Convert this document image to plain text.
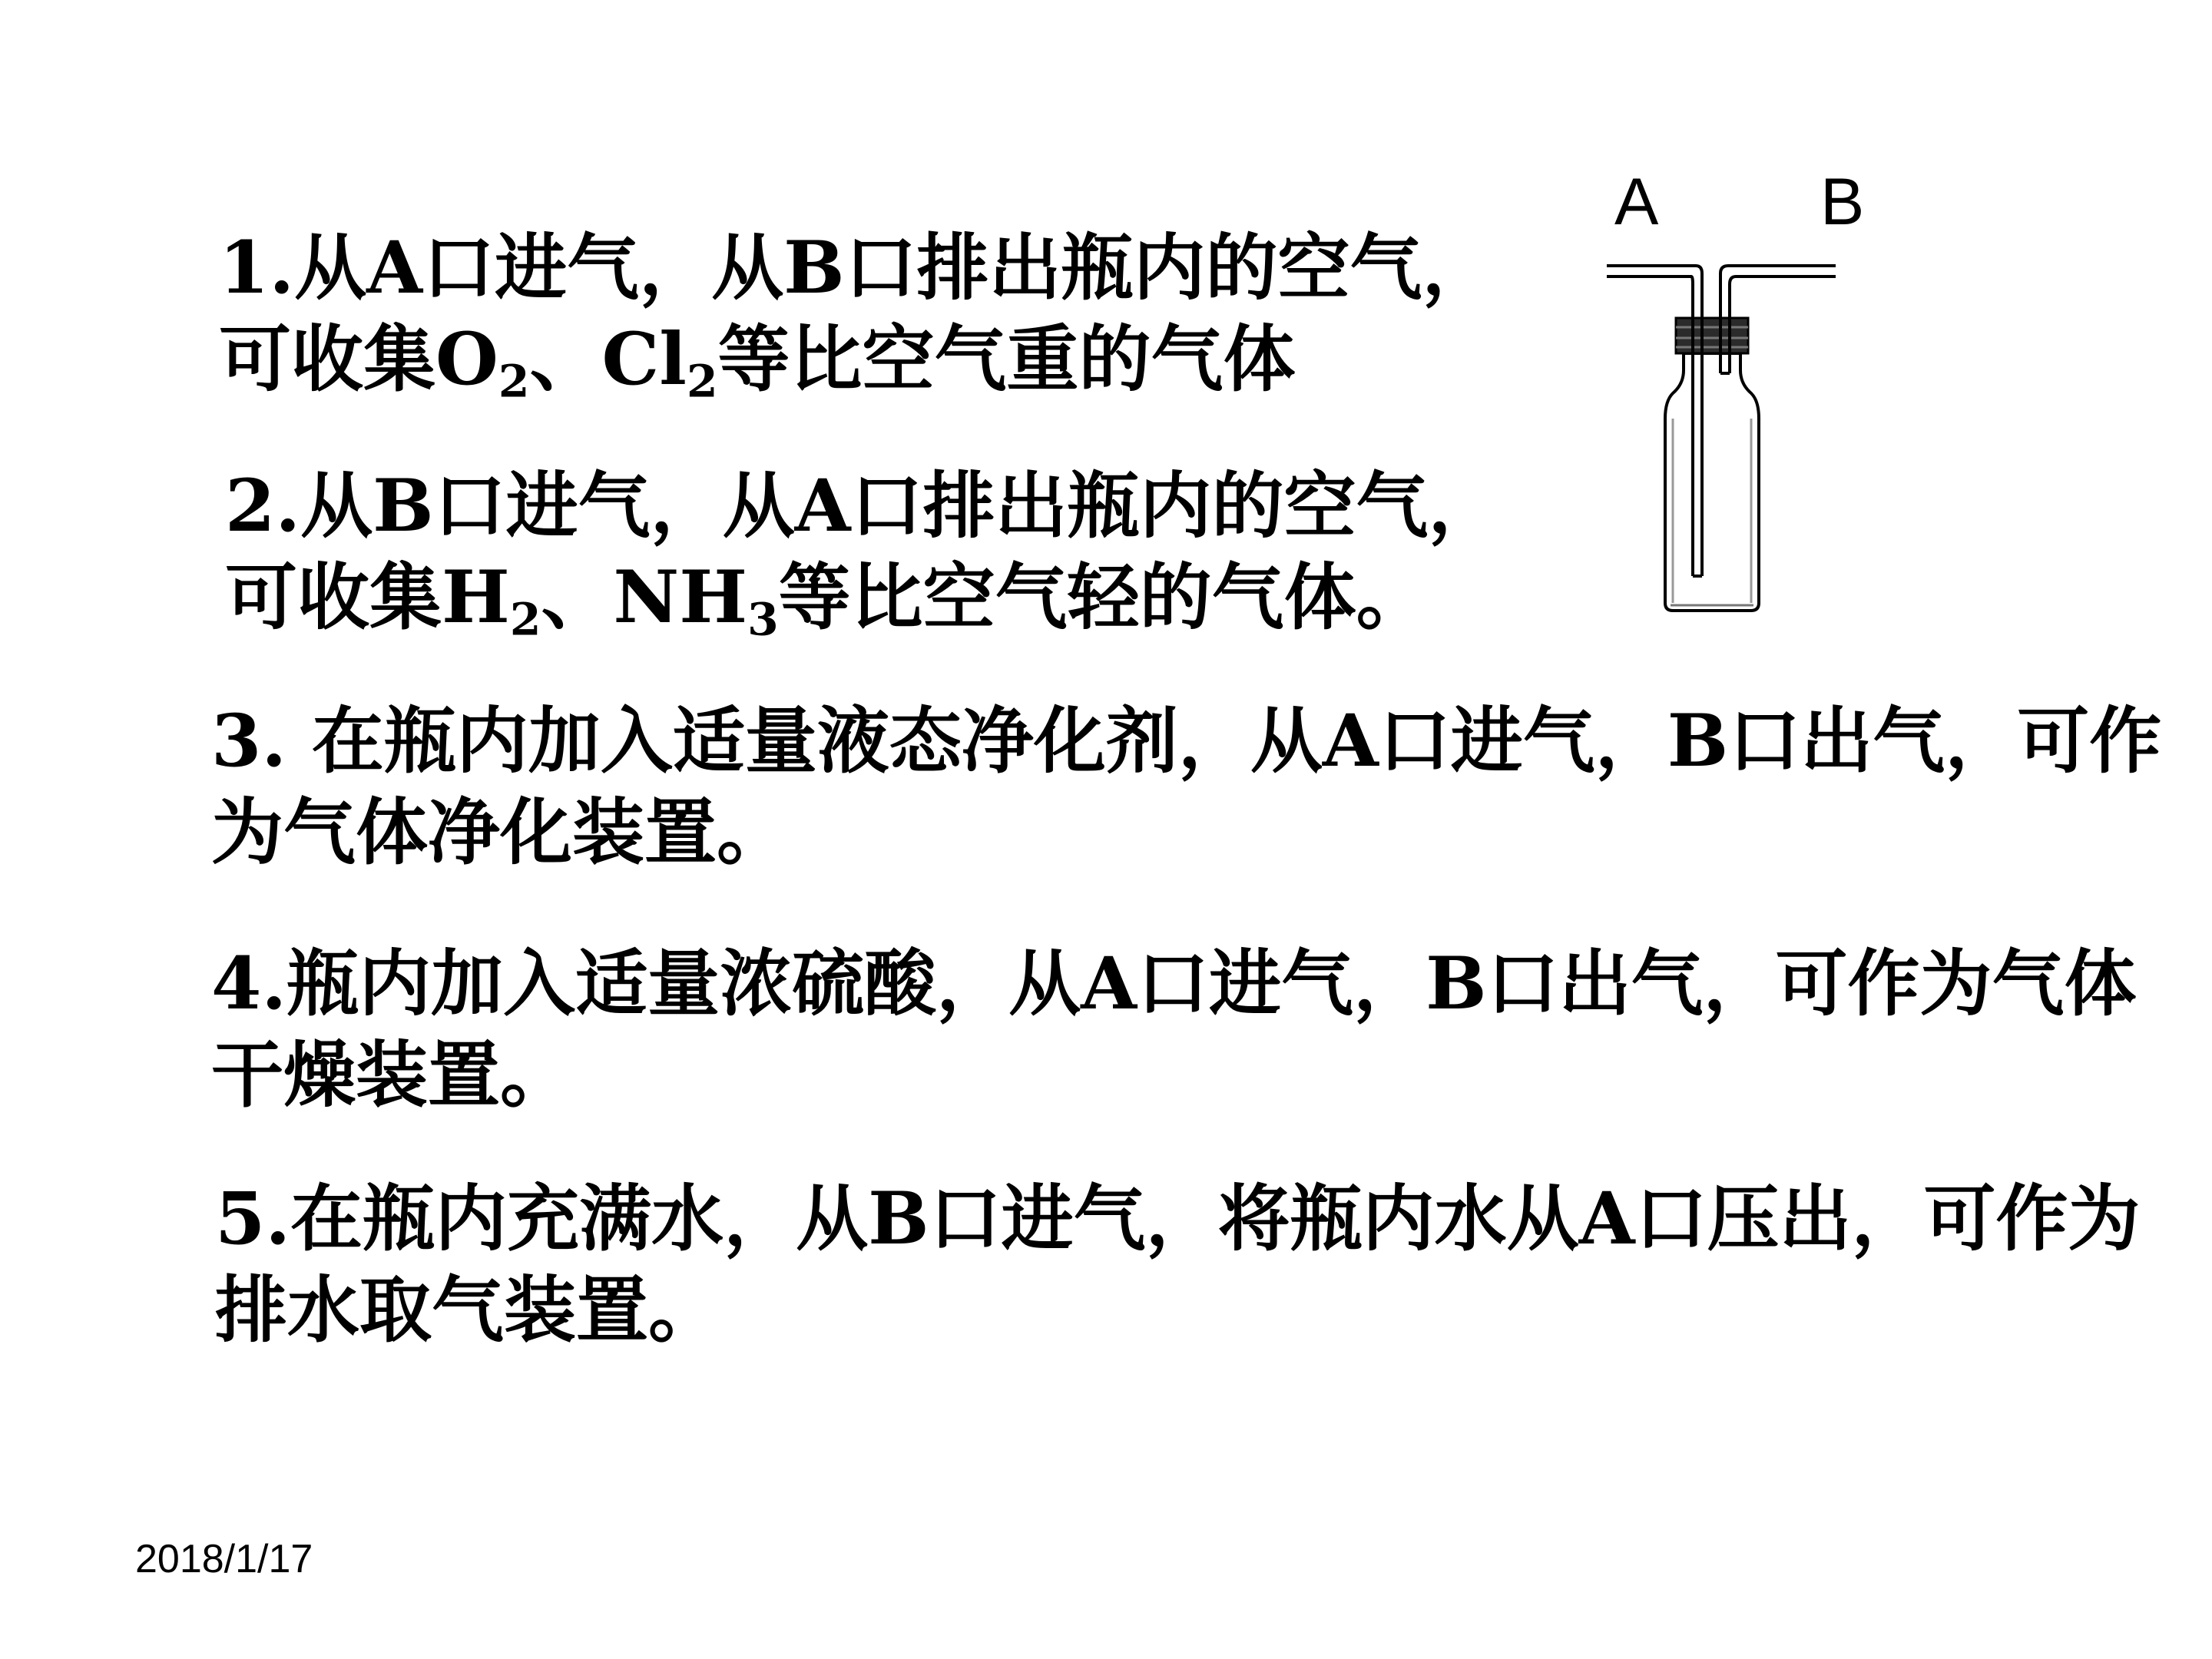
1.从A口进气，从B口排出瓶内的空气，
可收集$O_2$、$Cl_2$等比空气重的气体
2.从B口进气，从A口排出瓶内的空气，
可收集$H_2$、$NH_3$等比空气轻的气体。
3. 在瓶内加入适量液态净化剂，从A口进气，B口出气，可作
为气体净化装置。
4.瓶内加入适量浓硫酸，从A口进气，B口出气，可作为气体
干燥装置。
5.在瓶内充满水，从B口进气，将瓶内水从A口压出，可作为
排水取气装置。
A B
2018/1/17
